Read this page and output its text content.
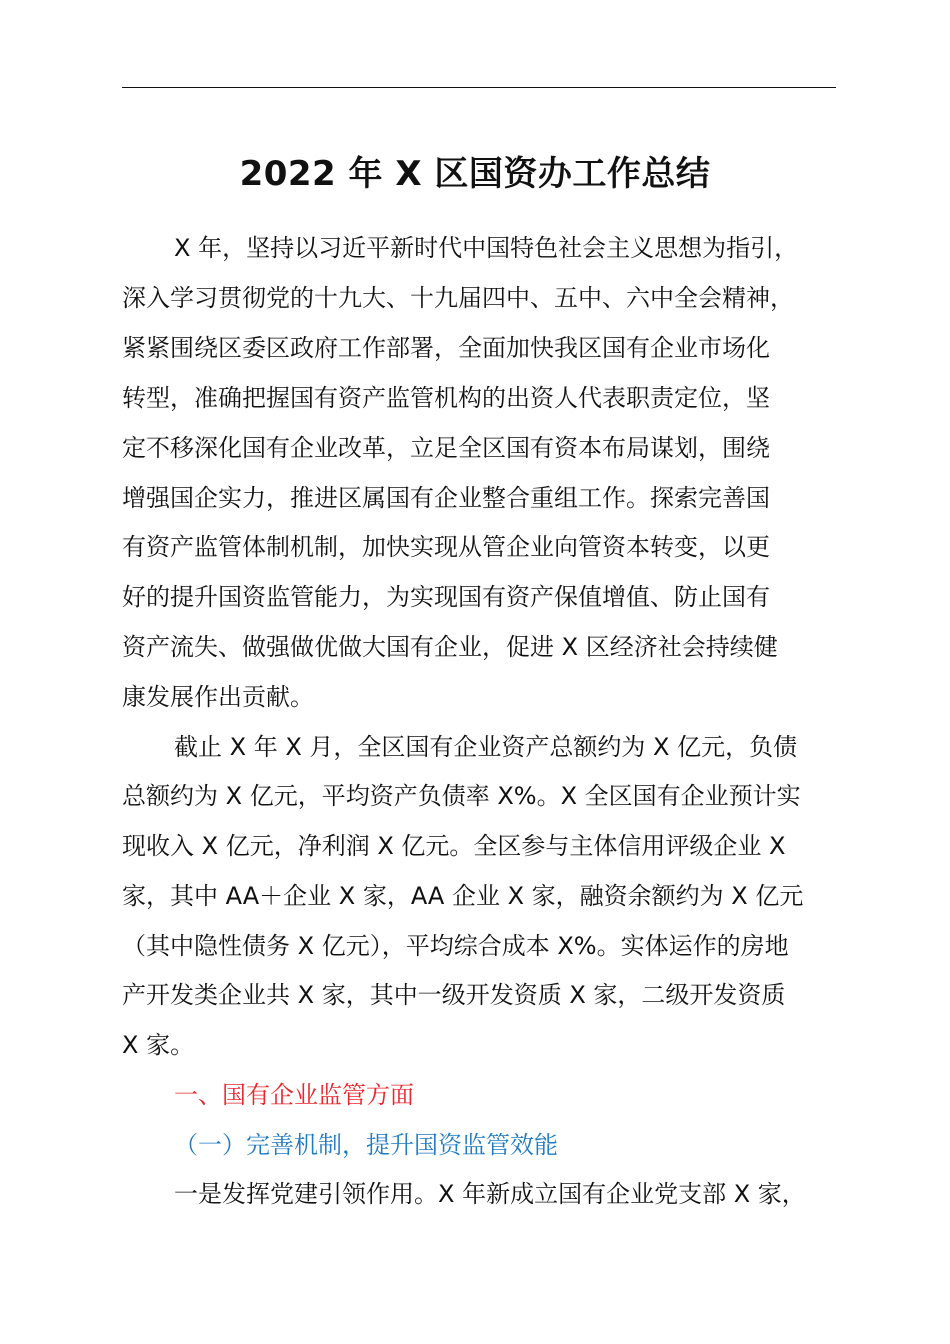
2022 年 X 区国资办工作总结
X 年，坚持以习近平新时代中国特色社会主义思想为指引，
深入学习贯彻党的十九大、十九届四中、五中、六中全会精神，
紧紧围绕区委区政府工作部署，全面加快我区国有企业市场化
转型，准确把握国有资产监管机构的出资人代表职责定位，坚
定不移深化国有企业改革，立足全区国有资本布局谋划，围绕
增强国企实力，推进区属国有企业整合重组工作。探索完善国
有资产监管体制机制，加快实现从管企业向管资本转变，以更
好的提升国资监管能力，为实现国有资产保值增值、防止国有
资产流失、做强做优做大国有企业，促进 X 区经济社会持续健
康发展作出贡献。
截止 X 年 X 月，全区国有企业资产总额约为 X 亿元，负债
总额约为 X 亿元，平均资产负债率 X%。X 全区国有企业预计实
现收入 X 亿元，净利润 X 亿元。全区参与主体信用评级企业 X
家，其中 AA＋企业 X 家，AA 企业 X 家，融资余额约为 X 亿元
（其中隐性债务 X 亿元），平均综合成本 X%。实体运作的房地
产开发类企业共 X 家，其中一级开发资质 X 家，二级开发资质
X 家。
一、国有企业监管方面
（一）完善机制，提升国资监管效能
一是发挥党建引领作用。X 年新成立国有企业党支部 X 家，
